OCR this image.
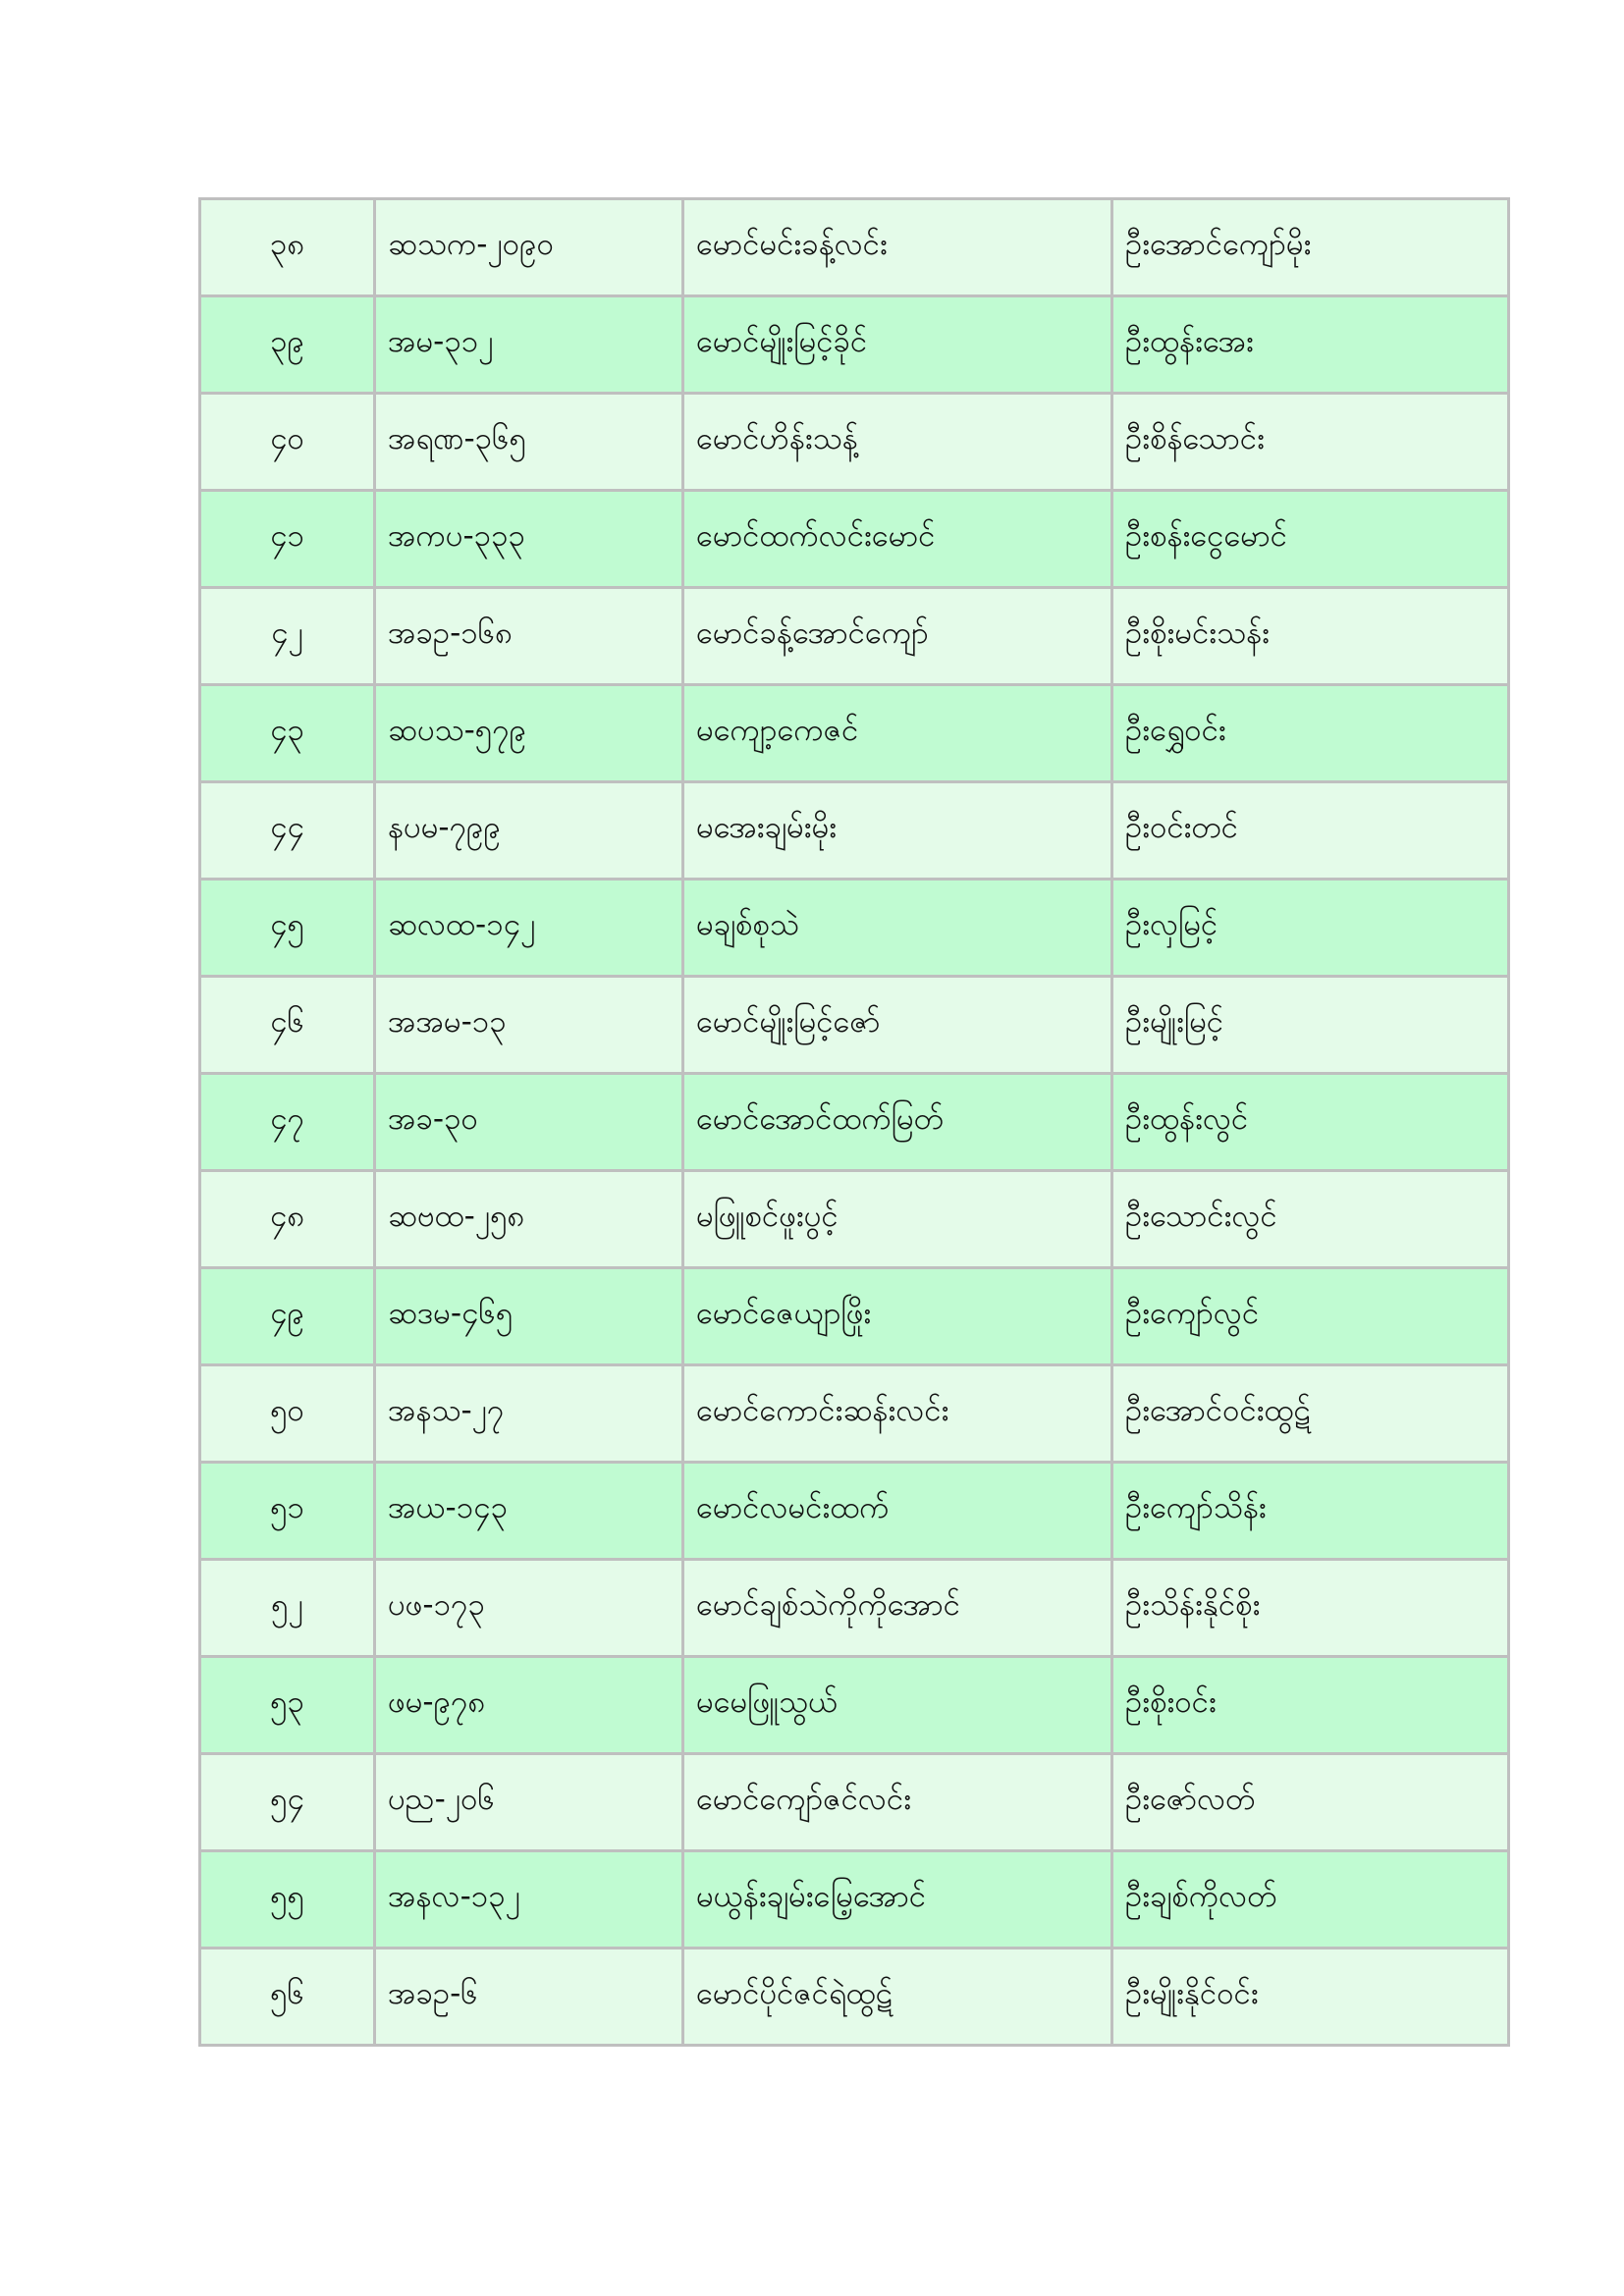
၃၈	ဆသက-၂၀၉၀	မောင်မင်းခန့်လင်း	ဦးအောင်ကျော်မိုး
၃၉	အမ-၃၁၂	မောင်မျိုးမြင့်ခိုင်	ဦးထွန်းအေး
၄၀	အရဏ-၃၆၅	မောင်ဟိန်းသန့်	ဦးစိန်သောင်း
၄၁	အကပ-၃၃၃	မောင်ထက်လင်းမောင်	ဦးစန်းငွေမောင်
၄၂	အခဥ-၁၆၈	မောင်ခန့်အောင်ကျော်	ဦးစိုးမင်းသန်း
၄၃	ဆပသ-၅၇၉	မကျော့ကေဇင်	ဦးရွှေဝင်း
၄၄	နပမ-၇၉၉	မအေးချမ်းမိုး	ဦးဝင်းတင်
၄၅	ဆလထ-၁၄၂	မချစ်စုသဲ	ဦးလှမြင့်
၄၆	အအမ-၁၃	မောင်မျိုးမြင့်ဇော်	ဦးမျိုးမြင့်
၄၇	အခ-၃၀	မောင်အောင်ထက်မြတ်	ဦးထွန်းလွင်
၄၈	ဆဗထ-၂၅၈	မဖြူစင်ဖူးပွင့်	ဦးသောင်းလွင်
၄၉	ဆဒမ-၄၆၅	မောင်ဇေယျာဖြိုး	ဦးကျော်လွင်
၅၀	အနသ-၂၇	မောင်ကောင်းဆန်းလင်း	ဦးအောင်ဝင်းထွဋ်
၅၁	အယ-၁၄၃	မောင်လမင်းထက်	ဦးကျော်သိန်း
၅၂	ပဖ-၁၇၃	မောင်ချစ်သဲကိုကိုအောင်	ဦးသိန်းနိုင်စိုး
၅၃	ဖမ-၉၇၈	မမေဖြူသွယ်	ဦးစိုးဝင်း
၅၄	ပည-၂၀၆	မောင်ကျော်ဇင်လင်း	ဦးဇော်လတ်
၅၅	အနလ-၁၃၂	မယွန်းချမ်းမြေ့အောင်	ဦးချစ်ကိုလတ်
၅၆	အခဥ-၆	မောင်ပိုင်ဇင်ရဲထွဋ်	ဦးမျိုးနိုင်ဝင်း
